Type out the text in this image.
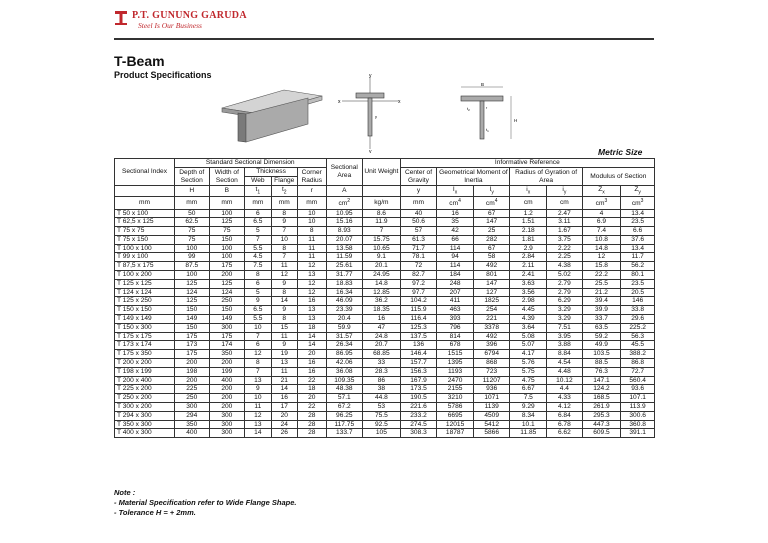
P.T. GUNUNG GARUDA
Steel Is Our Business
T-Beam
Product Specifications	y
y
x	x
y
B
H
$t_2$
$t_1$
r
Metric Size
Sectional Index	Standard Sectional Dimension					Sectional Area	Unit Weight	Informative Reference						
	Depth of Section	Width of Section	Thickness		Corner Radius			Center of Gravity	Geometrical Moment of Inertia		Radius of Gyration of Area		Modulus of Section	
			Web	Flange										
	H	B	$t_1$	$t_2$	r	A		y	$I_x$	$I_y$	$i_x$	$i_y$	$Z_x$	$Z_y$
mm	mm	mm	mm	mm	mm	$cm^2$	kg/m	mm	$cm^4$	$cm^4$	cm	cm	$cm^3$	$cm^3$
T 50 x 100	50	100	6	8	10	10.95	8.6	40	16	67	1.2	2.47	4	13.4
T 62,5 x 125	62.5	125	6.5	9	10	15.16	11.9	50.6	35	147	1.51	3.11	6.9	23.5
T 75 x 75	75	75	5	7	8	8.93	7	57	42	25	2.18	1.67	7.4	6.6
T 75 x 150	75	150	7	10	11	20.07	15.75	61.3	66	282	1.81	3.75	10.8	37.6
T 100 x 100	100	100	5.5	8	11	13.58	10.65	71.7	114	67	2.9	2.22	14.8	13.4
T 99 x 100	99	100	4.5	7	11	11.59	9.1	78.1	94	58	2.84	2.25	12	11.7
T 87,5 x 175	87.5	175	7.5	11	12	25.61	20.1	72	114	492	2.11	4.38	15.8	56.2
T 100 x 200	100	200	8	12	13	31.77	24.95	82.7	184	801	2.41	5.02	22.2	80.1
T 125 x 125	125	125	6	9	12	18.83	14.8	97.2	248	147	3.63	2.79	25.5	23.5
T 124 x 124	124	124	5	8	12	16.34	12.85	97.7	207	127	3.56	2.79	21.2	20.5
T 125 x 250	125	250	9	14	16	46.09	36.2	104.2	411	1825	2.98	6.29	39.4	146
T 150 x 150	150	150	6.5	9	13	23.39	18.35	115.9	463	254	4.45	3.29	39.9	33.8
T 149 x 149	149	149	5.5	8	13	20.4	16	116.4	393	221	4.39	3.29	33.7	29.6
T 150 x 300	150	300	10	15	18	59.9	47	125.3	796	3378	3.64	7.51	63.5	225.2
T 175 x 175	175	175	7	11	14	31.57	24.8	137.5	814	492	5.08	3.95	59.2	56.3
T 173 x 174	173	174	6	9	14	26.34	20.7	136	678	396	5.07	3.88	49.9	45.5
T 175 x 350	175	350	12	19	20	86.95	68.85	146.4	1515	6794	4.17	8.84	103.5	388.2
T 200 x 200	200	200	8	13	16	42.06	33	157.7	1395	868	5.76	4.54	88.5	86.8
T 198 x 199	198	199	7	11	16	36.08	28.3	156.3	1193	723	5.75	4.48	76.3	72.7
T 200 x 400	200	400	13	21	22	109.35	86	167.9	2470	11207	4.75	10.12	147.1	560.4
T 225 x 200	225	200	9	14	18	48.38	38	173.5	2155	936	6.67	4.4	124.2	93.6
T 250 x 200	250	200	10	16	20	57.1	44.8	190.5	3210	1071	7.5	4.33	168.5	107.1
T 300 x 200	300	200	11	17	22	67.2	53	221.6	5786	1139	9.29	4.12	261.9	113.9
T 294 x 300	294	300	12	20	28	96.25	75.5	233.2	6695	4509	8.34	6.84	295.3	300.6
T 350 x 300	350	300	13	24	28	117.75	92.5	274.5	12015	5412	10.1	6.78	447.3	360.8
T 400 x 300	400	300	14	26	28	133.7	105	308.3	18787	5866	11.85	6.62	609.5	391.1
Note :
- Material Specification refer to Wide Flange Shape.
- Tolerance H = + 2mm.
